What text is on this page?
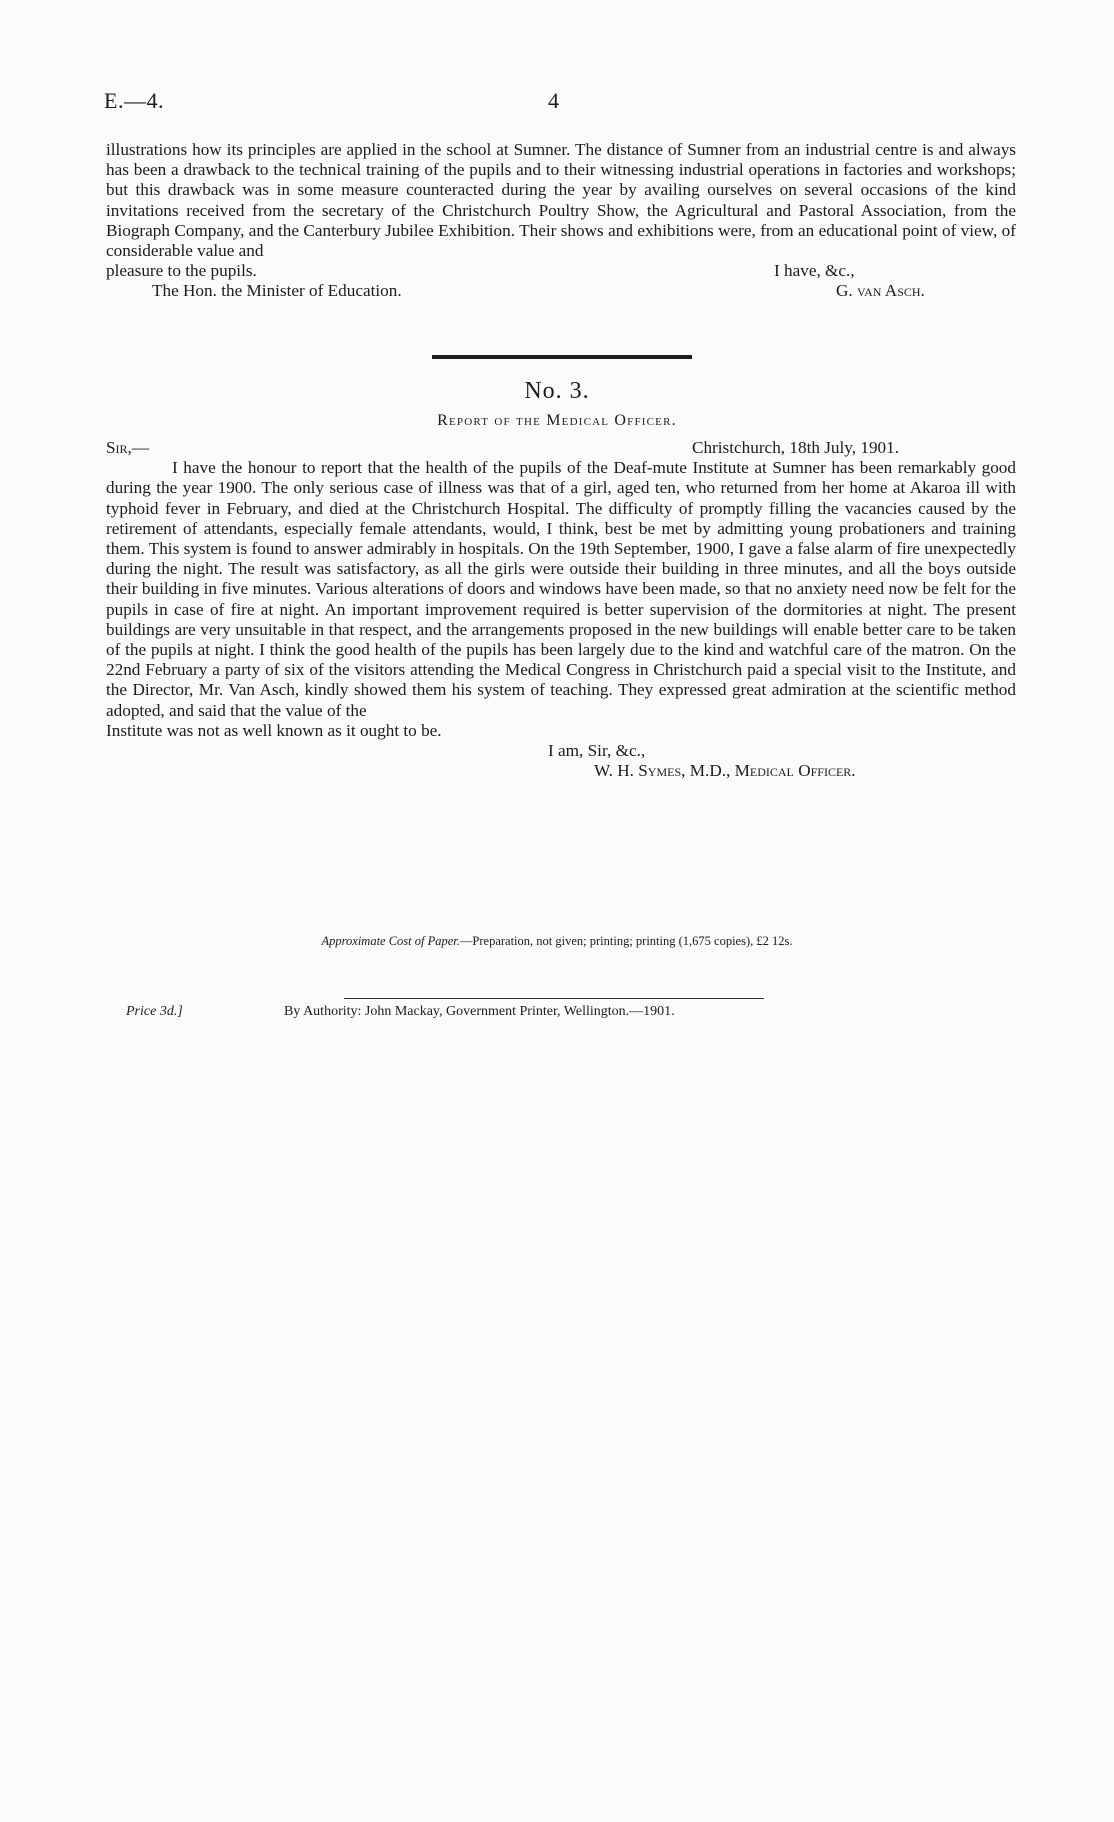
E.—4.	4

illustrations how its principles are applied in the school at Sumner. The distance of Sumner from an industrial centre is and always has been a drawback to the technical training of the pupils and to their witnessing industrial operations in factories and workshops; but this drawback was in some measure counteracted during the year by availing ourselves on several occasions of the kind invitations received from the secretary of the Christchurch Poultry Show, the Agricultural and Pastoral Association, from the Biograph Company, and the Canterbury Jubilee Exhibition. Their shows and exhibitions were, from an educational point of view, of considerable value and

pleasure to the pupils.	I have, &c.,
The Hon. the Minister of Education.	G. van Asch.
No. 3.
Report of the Medical Officer.
Sir,—	Christchurch, 18th July, 1901.

I have the honour to report that the health of the pupils of the Deaf-mute Institute at Sumner has been remarkably good during the year 1900. The only serious case of illness was that of a girl, aged ten, who returned from her home at Akaroa ill with typhoid fever in February, and died at the Christchurch Hospital. The difficulty of promptly filling the vacancies caused by the retirement of attendants, especially female attendants, would, I think, best be met by admitting young probationers and training them. This system is found to answer admirably in hospitals. On the 19th September, 1900, I gave a false alarm of fire unexpectedly during the night. The result was satisfactory, as all the girls were outside their building in three minutes, and all the boys outside their building in five minutes. Various alterations of doors and windows have been made, so that no anxiety need now be felt for the pupils in case of fire at night. An important improvement required is better supervision of the dormitories at night. The present buildings are very unsuitable in that respect, and the arrangements proposed in the new buildings will enable better care to be taken of the pupils at night. I think the good health of the pupils has been largely due to the kind and watchful care of the matron. On the 22nd February a party of six of the visitors attending the Medical Congress in Christchurch paid a special visit to the Institute, and the Director, Mr. Van Asch, kindly showed them his system of teaching. They expressed great admiration at the scientific method adopted, and said that the value of the

Institute was not as well known as it ought to be.
I am, Sir, &c.,
W. H. Symes, M.D., Medical Officer.
Approximate Cost of Paper.—Preparation, not given; printing; printing (1,675 copies), £2 12s.
Price 3d.]	By Authority: John Mackay, Government Printer, Wellington.—1901.
